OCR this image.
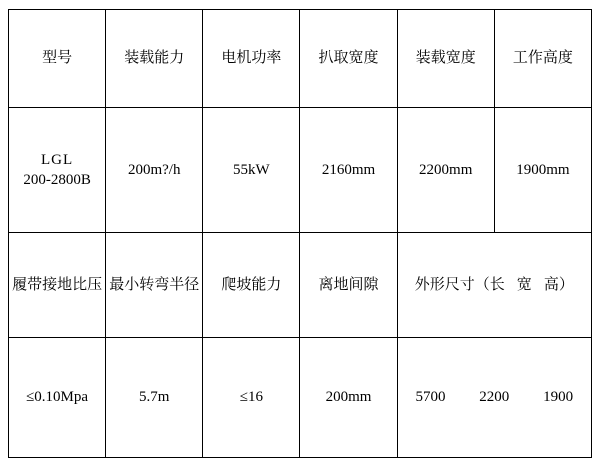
型号	装载能力	电机功率	扒取宽度	装载宽度	工作高度

LGL
200-2800B	200m?/h	55kW	2160mm	2200mm	1900mm
履带接地比压	最小转弯半径	爬坡能力	离地间隙	外形尺寸（长 宽 高）	
≤0.10Mpa	5.7m	≤16	200mm	5700 2200 1900	
